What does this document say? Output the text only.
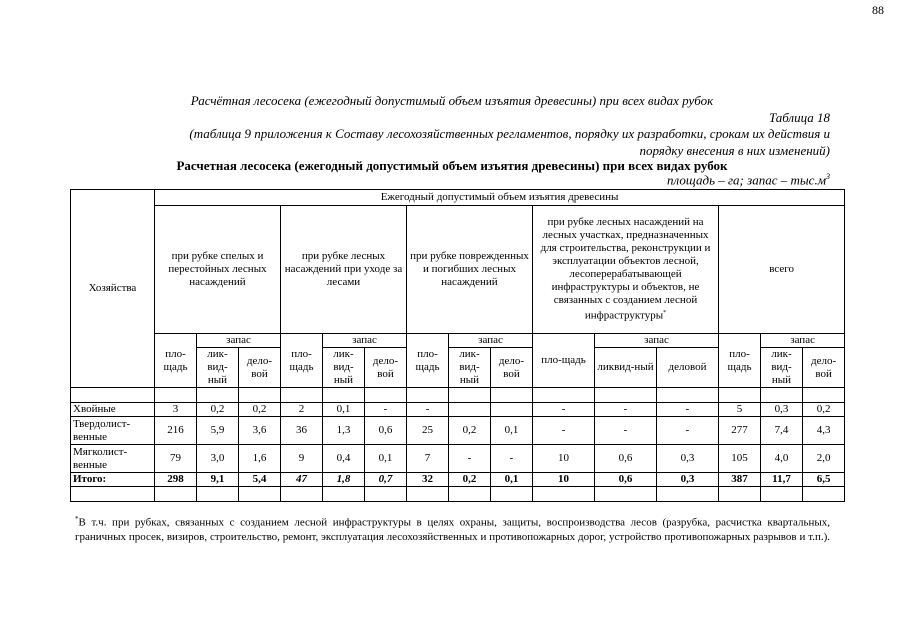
88
Расчётная лесосека (ежегодный допустимый объем изъятия древесины) при всех видах рубок
Таблица 18
(таблица 9 приложения к Составу лесохозяйственных регламентов, порядку их разработки, срокам их действия и
порядку внесения в них изменений)
Расчетная лесосека (ежегодный допустимый объем изъятия древесины) при всех видах рубок
площадь – га; запас – $тыс.м^3$
Хозяйства	Ежегодный допустимый объем изъятия древесины														
	при рубке спелых и перестойных лесных насаждений			при рубке лесных насаждений при уходе за лесами			при рубке поврежденных и погибших лесных насаждений			при рубке лесных насаждений на лесных участках, предназначенных для строительства, реконструкции и эксплуатации объектов лесной, лесоперерабатывающей инфраструктуры и объектов, не связанных с созданием лесной инфраструктуры*			всего		
	пло-щадь	запас		пло-щадь	запас		пло-щадь	запас		пло-щадь	запас		пло-щадь	запас	
		лик-вид-ный	дело-вой		лик-вид-ный	дело-вой		лик-вид-ный	дело-вой		ликвид-ный	деловой		лик-вид-ный	дело-вой

Хвойные	3	0,2	0,2	2	0,1	-	-			-	-	-	5	0,3	0,2
Твердолист-венные	216	5,9	3,6	36	1,3	0,6	25	0,2	0,1	-	-	-	277	7,4	4,3
Мягколист-венные	79	3,0	1,6	9	0,4	0,1	7	-	-	10	0,6	0,3	105	4,0	2,0
Итого:	298	9,1	5,4	47	1,8	0,7	32	0,2	0,1	10	0,6	0,3	387	11,7	6,5

*В т.ч. при рубках, связанных с созданием лесной инфраструктуры в целях охраны, защиты, воспроизводства лесов (разрубка, расчистка квартальных, граничных просек, визиров, строительство, ремонт, эксплуатация лесохозяйственных и противопожарных дорог, устройство противопожарных разрывов и т.п.).
